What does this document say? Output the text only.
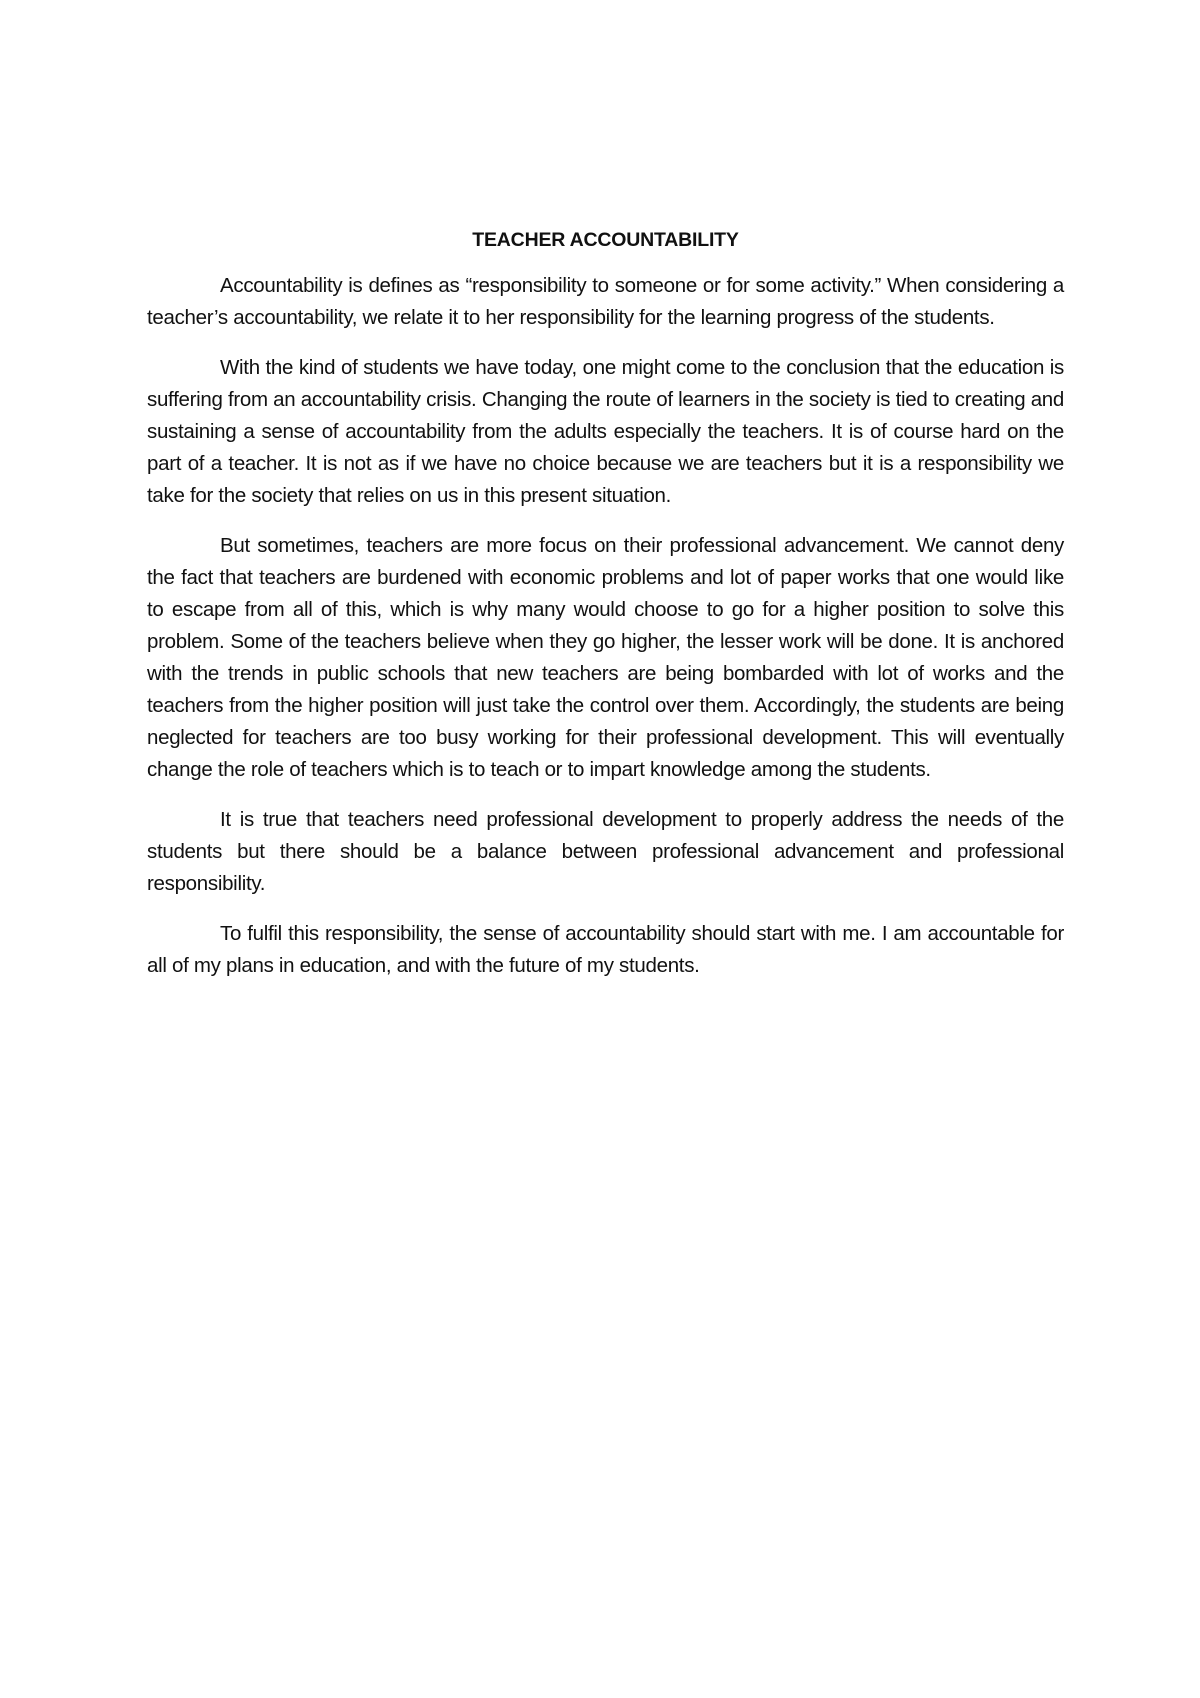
TEACHER ACCOUNTABILITY

Accountability is defines as “responsibility to someone or for some activity.” When considering a teacher’s accountability, we relate it to her responsibility for the learning progress of the students.

With the kind of students we have today, one might come to the conclusion that the education is suffering from an accountability crisis. Changing the route of learners in the society is tied to creating and sustaining a sense of accountability from the adults especially the teachers. It is of course hard on the part of a teacher. It is not as if we have no choice because we are teachers but it is a responsibility we take for the society that relies on us in this present situation.

But sometimes, teachers are more focus on their professional advancement. We cannot deny the fact that teachers are burdened with economic problems and lot of paper works that one would like to escape from all of this, which is why many would choose to go for a higher position to solve this problem. Some of the teachers believe when they go higher, the lesser work will be done. It is anchored with the trends in public schools that new teachers are being bombarded with lot of works and the teachers from the higher position will just take the control over them. Accordingly, the students are being neglected for teachers are too busy working for their professional development. This will eventually change the role of teachers which is to teach or to impart knowledge among the students.

It is true that teachers need professional development to properly address the needs of the students but there should be a balance between professional advancement and professional responsibility.

To fulfil this responsibility, the sense of accountability should start with me. I am accountable for all of my plans in education, and with the future of my students.
